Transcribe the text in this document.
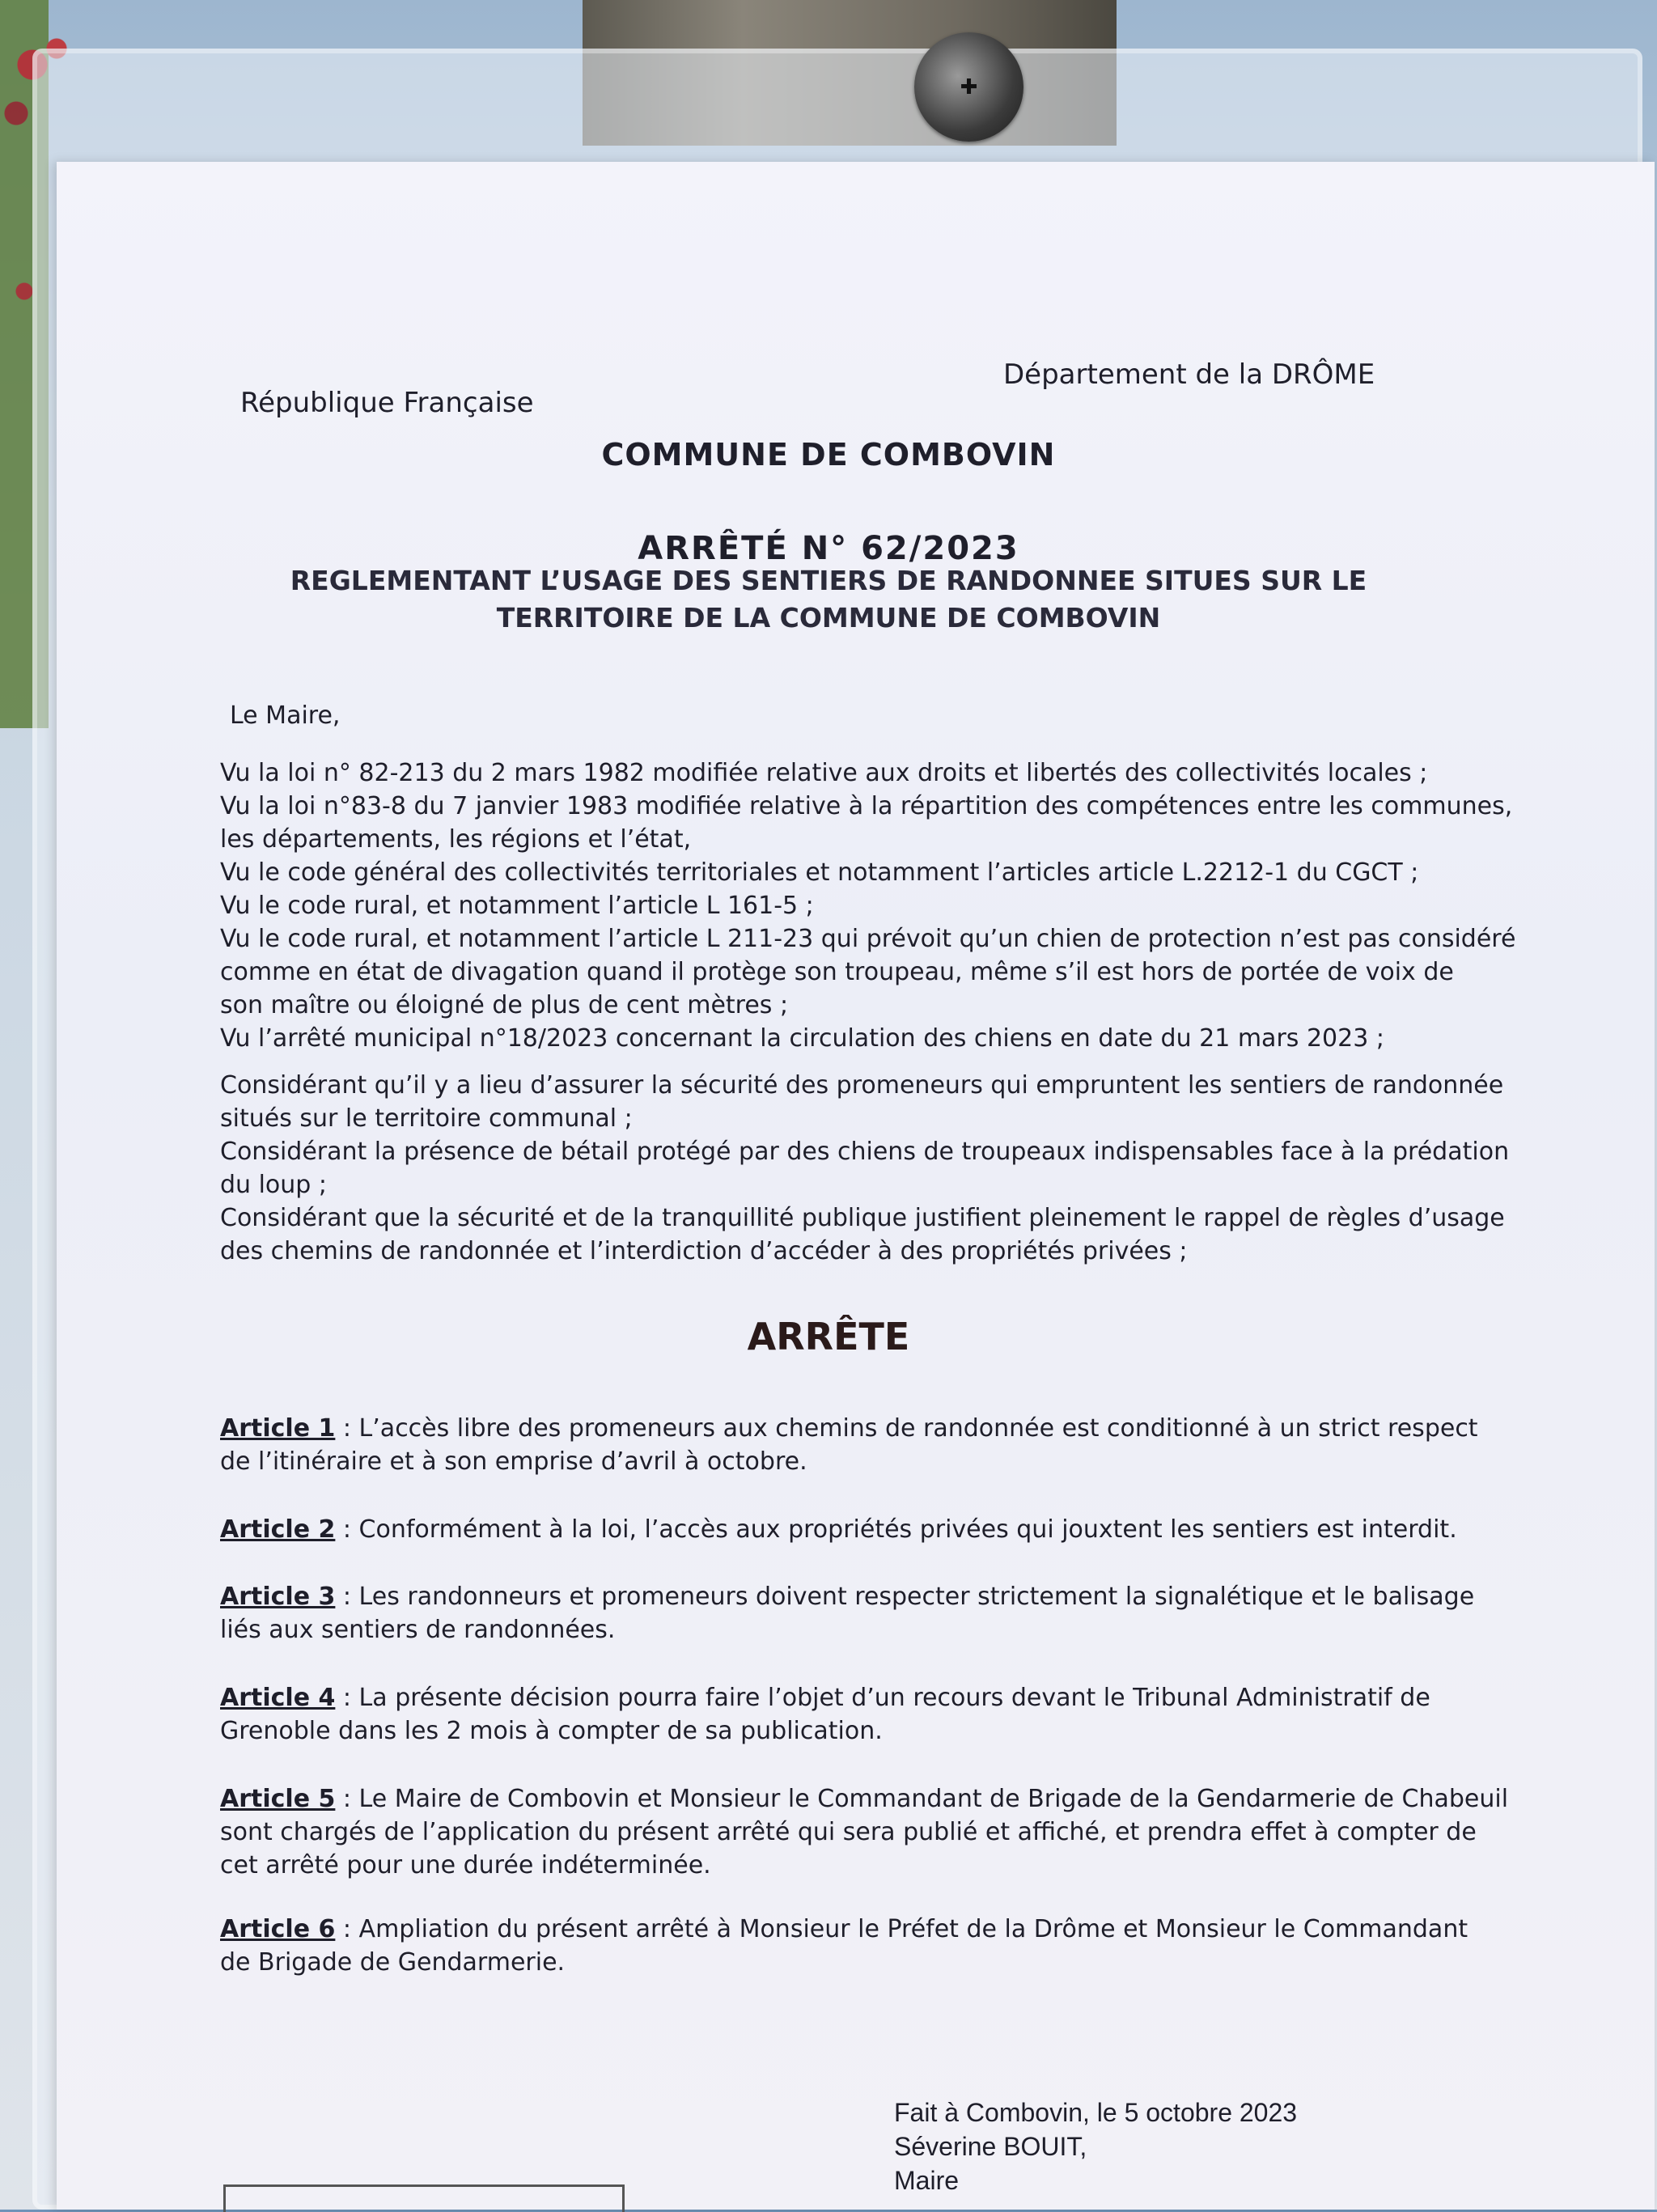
✚
✚
✚
République Française
Département de la DRÔME
COMMUNE DE COMBOVIN
ARRÊTÉ N° 62/2023
REGLEMENTANT L’USAGE DES SENTIERS DE RANDONNEE SITUES SUR LE
TERRITOIRE DE LA COMMUNE DE COMBOVIN
Le Maire,
Vu la loi n° 82-213 du 2 mars 1982 modifiée relative aux droits et libertés des collectivités locales ;
Vu la loi n°83-8 du 7 janvier 1983 modifiée relative à la répartition des compétences entre les communes,
les départements, les régions et l’état,
Vu le code général des collectivités territoriales et notamment l’articles article L.2212-1 du CGCT ;
Vu le code rural, et notamment l’article L 161-5 ;
Vu le code rural, et notamment l’article L 211-23 qui prévoit qu’un chien de protection n’est pas considéré
comme en état de divagation quand il protège son troupeau, même s’il est hors de portée de voix de
son maître ou éloigné de plus de cent mètres ;
Vu l’arrêté municipal n°18/2023 concernant la circulation des chiens en date du 21 mars 2023 ;
Considérant qu’il y a lieu d’assurer la sécurité des promeneurs qui empruntent les sentiers de randonnée
situés sur le territoire communal ;
Considérant la présence de bétail protégé par des chiens de troupeaux indispensables face à la prédation
du loup ;
Considérant que la sécurité et de la tranquillité publique justifient pleinement le rappel de règles d’usage
des chemins de randonnée et l’interdiction d’accéder à des propriétés privées ;
ARRÊTE
Article 1 : L’accès libre des promeneurs aux chemins de randonnée est conditionné à un strict respect
de l’itinéraire et à son emprise d’avril à octobre.
Article 2 : Conformément à la loi, l’accès aux propriétés privées qui jouxtent les sentiers est interdit.
Article 3 : Les randonneurs et promeneurs doivent respecter strictement la signalétique et le balisage
liés aux sentiers de randonnées.
Article 4 : La présente décision pourra faire l’objet d’un recours devant le Tribunal Administratif de
Grenoble dans les 2 mois à compter de sa publication.
Article 5 : Le Maire de Combovin et Monsieur le Commandant de Brigade de la Gendarmerie de Chabeuil
sont chargés de l’application du présent arrêté qui sera publié et affiché, et prendra effet à compter de
cet arrêté pour une durée indéterminée.
Article 6 : Ampliation du présent arrêté à Monsieur le Préfet de la Drôme et Monsieur le Commandant
de Brigade de Gendarmerie.
Fait à Combovin, le 5 octobre 2023
Séverine BOUIT,
Maire
